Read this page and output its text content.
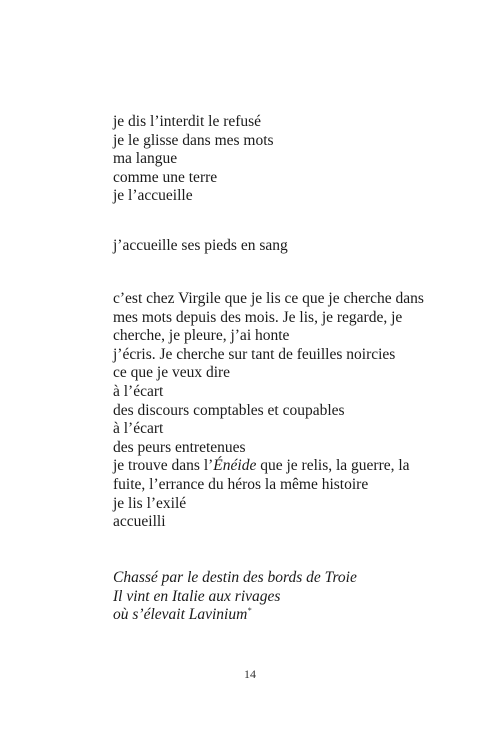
je dis l’interdit le refusé
je le glisse dans mes mots
ma langue
comme une terre
je l’accueille
j’accueille ses pieds en sang
c’est chez Virgile que je lis ce que je cherche dans
mes mots depuis des mois. Je lis, je regarde, je
cherche, je pleure, j’ai honte
j’écris. Je cherche sur tant de feuilles noircies
ce que je veux dire
à l’écart
des discours comptables et coupables
à l’écart
des peurs entretenues
je trouve dans l’Énéide que je relis, la guerre, la
fuite, l’errance du héros la même histoire
je lis l’exilé
accueilli
Chassé par le destin des bords de Troie
Il vint en Italie aux rivages
où s’élevait Lavinium*
14
